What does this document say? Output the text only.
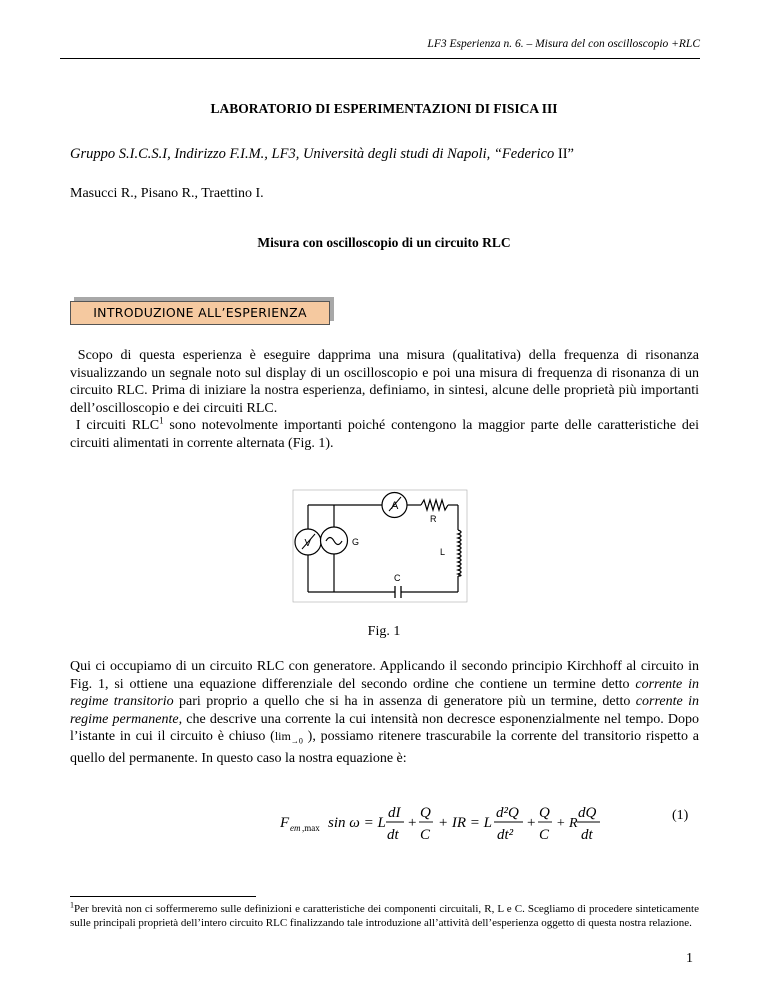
LF3 Esperienza n. 6. – Misura del con oscilloscopio +RLC
LABORATORIO DI ESPERIMENTAZIONI DI FISICA III
Gruppo S.I.C.S.I, Indirizzo F.I.M., LF3, Università degli studi di Napoli, “Federico II”
Masucci R., Pisano R., Traettino I.
Misura con oscilloscopio di un circuito RLC
INTRODUZIONE ALL’ESPERIENZA
Scopo di questa esperienza è eseguire dapprima una misura (qualitativa) della frequenza di risonanza visualizzando un segnale noto sul display di un oscilloscopio e poi una misura di frequenza di risonanza di un circuito RLC. Prima di iniziare la nostra esperienza, definiamo, in sintesi, alcune delle proprietà più importanti dell’oscilloscopio e dei circuiti RLC.
I circuiti RLC$^1$ sono notevolmente importanti poiché contengono la maggior parte delle caratteristiche dei circuiti alimentati in corrente alternata (Fig. 1).
A
R
L
C
V	G
Fig. 1
Qui ci occupiamo di un circuito RLC con generatore. Applicando il secondo principio Kirchhoff al circuito in Fig. 1, si ottiene una equazione differenziale del secondo ordine che contiene un termine detto corrente in regime transitorio pari proprio a quello che si ha in assenza di generatore più un termine, detto corrente in regime permanente, che descrive una corrente la cui intensità non decresce esponenzialmente nel tempo. Dopo l’istante in cui il circuito è chiuso ($\lim_{\to 0}$ ), possiamo ritenere trascurabile la corrente del transitorio rispetto a quello del permanente. In questo caso la nostra equazione è:
F em ,max sin ω = L
dI
dt
+
Q
C
+ IR = L
d²Q
dt²
+
Q
C
+ R
dQ
dt
(1)
$^1$Per brevità non ci soffermeremo sulle definizioni e caratteristiche dei componenti circuitali, R, L e C. Scegliamo di procedere sinteticamente sulle principali proprietà dell’intero circuito RLC finalizzando tale introduzione all’attività dell’esperienza oggetto di questa nostra relazione.
1
